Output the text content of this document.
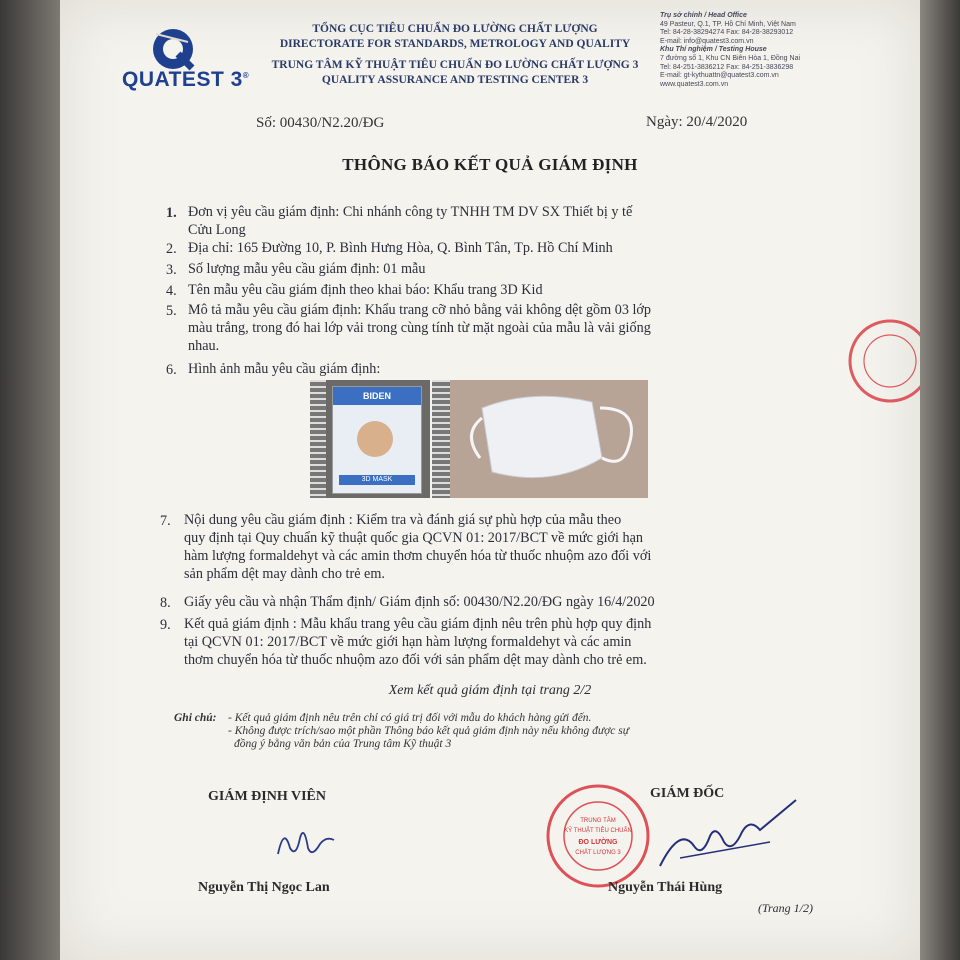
QUATEST 3®
TỔNG CỤC TIÊU CHUẨN ĐO LƯỜNG CHẤT LƯỢNG
DIRECTORATE FOR STANDARDS, METROLOGY AND QUALITY
TRUNG TÂM KỸ THUẬT TIÊU CHUẨN ĐO LƯỜNG CHẤT LƯỢNG 3
QUALITY ASSURANCE AND TESTING CENTER 3
Trụ sở chính / Head Office
49 Pasteur, Q.1, TP. Hồ Chí Minh, Việt Nam
Tel: 84-28-38294274 Fax: 84-28-38293012
E-mail: info@quatest3.com.vn
Khu Thí nghiệm / Testing House
7 đường số 1, Khu CN Biên Hòa 1, Đồng Nai
Tel: 84-251-3836212 Fax: 84-251-3836298
E-mail: gt-kythuattn@quatest3.com.vn
www.quatest3.com.vn
Số: 00430/N2.20/ĐG	Ngày: 20/4/2020
THÔNG BÁO KẾT QUẢ GIÁM ĐỊNH
1. Đơn vị yêu cầu giám định: Chi nhánh công ty TNHH TM DV SX Thiết bị y tế
Cửu Long
2. Địa chỉ: 165 Đường 10, P. Bình Hưng Hòa, Q. Bình Tân, Tp. Hồ Chí Minh
3. Số lượng mẫu yêu cầu giám định: 01 mẫu
4. Tên mẫu yêu cầu giám định theo khai báo: Khẩu trang 3D Kid
5. Mô tả mẫu yêu cầu giám định: Khẩu trang cỡ nhỏ bằng vải không dệt gồm 03 lớp
màu trắng, trong đó hai lớp vải trong cùng tính từ mặt ngoài của mẫu là vải giống
nhau.
6. Hình ảnh mẫu yêu cầu giám định:
BIDEN
3D MASK
7. Nội dung yêu cầu giám định : Kiểm tra và đánh giá sự phù hợp của mẫu theo
quy định tại Quy chuẩn kỹ thuật quốc gia QCVN 01: 2017/BCT về mức giới hạn
hàm lượng formaldehyt và các amin thơm chuyển hóa từ thuốc nhuộm azo đối với
sản phẩm dệt may dành cho trẻ em.
8. Giấy yêu cầu và nhận Thẩm định/ Giám định số: 00430/N2.20/ĐG ngày 16/4/2020
9. Kết quả giám định : Mẫu khẩu trang yêu cầu giám định nêu trên phù hợp quy định
tại QCVN 01: 2017/BCT về mức giới hạn hàm lượng formaldehyt và các amin
thơm chuyển hóa từ thuốc nhuộm azo đối với sản phẩm dệt may dành cho trẻ em.
Xem kết quả giám định tại trang 2/2
Ghi chú: - Kết quả giám định nêu trên chỉ có giá trị đối với mẫu do khách hàng gửi đến.
- Không được trích/sao một phần Thông báo kết quả giám định này nếu không được sự
đồng ý bằng văn bản của Trung tâm Kỹ thuật 3
GIÁM ĐỊNH VIÊN
Nguyễn Thị Ngọc Lan
GIÁM ĐỐC
TRUNG TÂM
KỸ THUẬT TIÊU CHUẨN
ĐO LƯỜNG
CHẤT LƯỢNG 3
Nguyễn Thái Hùng
(Trang 1/2)
